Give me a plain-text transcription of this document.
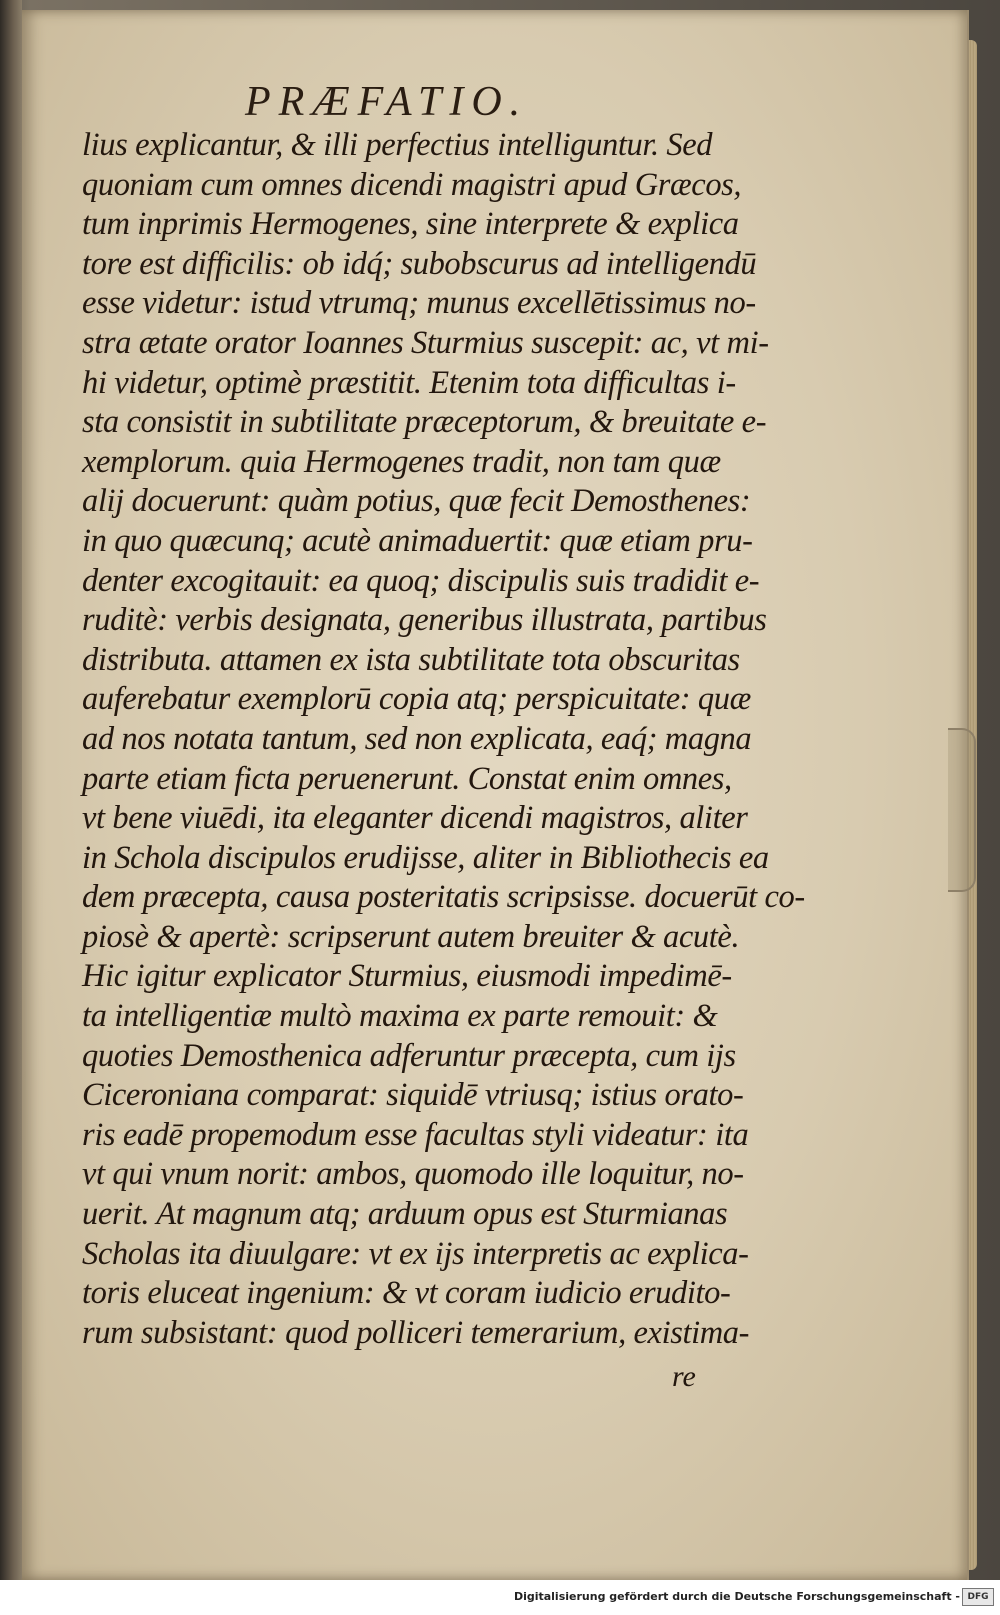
PRÆFATIO.
lius explicantur, & illi perfectius intelliguntur. Sed
quoniam cum omnes dicendi magistri apud Græcos,
tum inprimis Hermogenes, sine interprete & explica
tore est difficilis: ob idq́; subobscurus ad intelligendū
esse videtur: istud vtrumq; munus excellētissimus no-
stra ætate orator Ioannes Sturmius suscepit: ac, vt mi-
hi videtur, optimè præstitit. Etenim tota difficultas i-
sta consistit in subtilitate præceptorum, & breuitate e-
xemplorum. quia Hermogenes tradit, non tam quæ
alij docuerunt: quàm potius, quæ fecit Demosthenes:
in quo quæcunq; acutè animaduertit: quæ etiam pru-
denter excogitauit: ea quoq; discipulis suis tradidit e-
ruditè: verbis designata, generibus illustrata, partibus
distributa. attamen ex ista subtilitate tota obscuritas
auferebatur exemplorū copia atq; perspicuitate: quæ
ad nos notata tantum, sed non explicata, eaq́; magna
parte etiam ficta peruenerunt. Constat enim omnes,
vt bene viuēdi, ita eleganter dicendi magistros, aliter
in Schola discipulos erudijsse, aliter in Bibliothecis ea
dem præcepta, causa posteritatis scripsisse. docuerūt co-
piosè & apertè: scripserunt autem breuiter & acutè.
Hic igitur explicator Sturmius, eiusmodi impedimē-
ta intelligentiæ multò maxima ex parte remouit: &
quoties Demosthenica adferuntur præcepta, cum ijs
Ciceroniana comparat: siquidē vtriusq; istius orato-
ris eadē propemodum esse facultas styli videatur: ita
vt qui vnum norit: ambos, quomodo ille loquitur, no-
uerit. At magnum atq; arduum opus est Sturmianas
Scholas ita diuulgare: vt ex ijs interpretis ac explica-
toris eluceat ingenium: & vt coram iudicio erudito-
rum subsistant: quod polliceri temerarium, existima-
re
Digitalisierung gefördert durch die Deutsche Forschungsgemeinschaft - DFG
